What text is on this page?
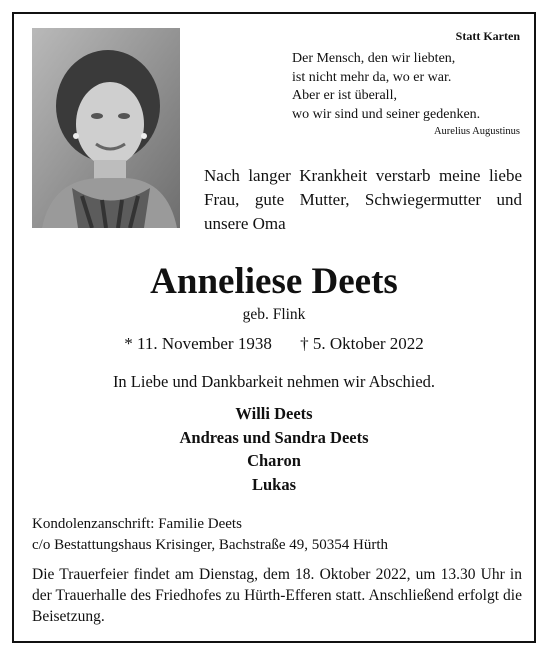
Statt Karten
Der Mensch, den wir liebten,
ist nicht mehr da, wo er war.
Aber er ist überall,
wo wir sind und seiner gedenken.
Aurelius Augustinus
Nach langer Krankheit verstarb meine liebe Frau, gute Mutter, Schwiegermutter und unsere Oma
Anneliese Deets
geb. Flink
* 11. November 1938 † 5. Oktober 2022
In Liebe und Dankbarkeit nehmen wir Abschied.
Willi Deets
Andreas und Sandra Deets
Charon
Lukas
Kondolenzanschrift: Familie Deets
c/o Bestattungshaus Krisinger, Bachstraße 49, 50354 Hürth
Die Trauerfeier findet am Dienstag, dem 18. Oktober 2022, um 13.30 Uhr in der Trauerhalle des Friedhofes zu Hürth-Efferen statt. Anschließend erfolgt die Beisetzung.
